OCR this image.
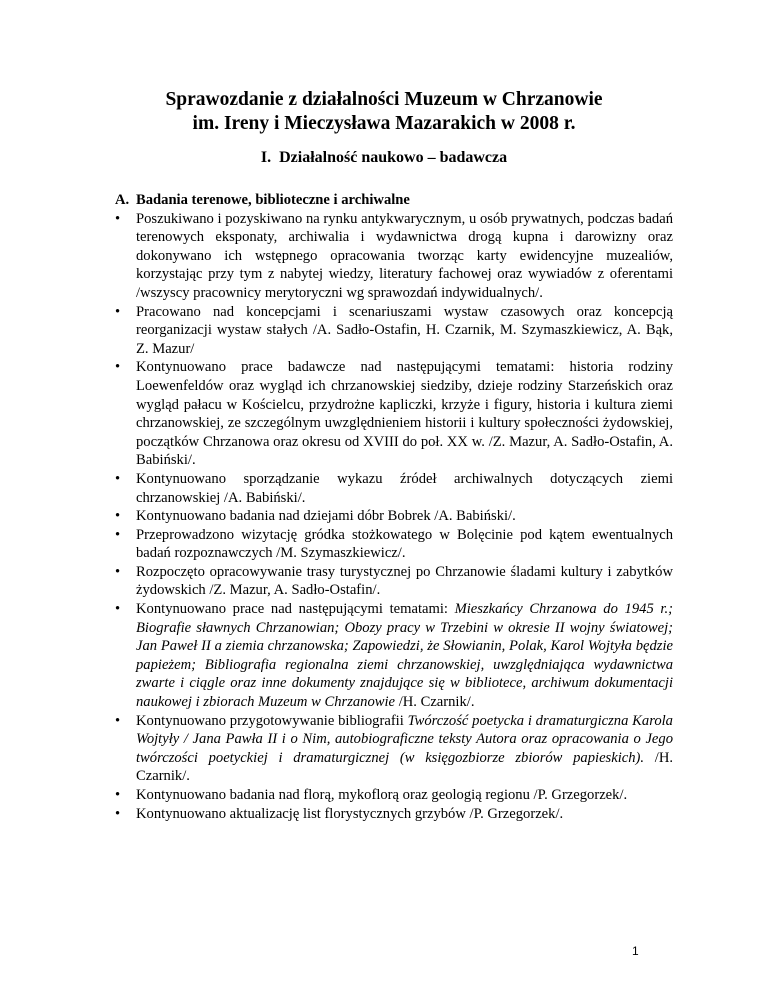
Sprawozdanie z działalności Muzeum w Chrzanowie
im. Ireny i Mieczysława Mazarakich w 2008 r.
I. Działalność naukowo – badawcza
A. Badania terenowe, biblioteczne i archiwalne
•	Poszukiwano i pozyskiwano na rynku antykwarycznym, u osób prywatnych, podczas badań terenowych eksponaty, archiwalia i wydawnictwa drogą kupna i darowizny oraz dokonywano ich wstępnego opracowania tworząc karty ewidencyjne muzealiów, korzystając przy tym z nabytej wiedzy, literatury fachowej oraz wywiadów z oferentami /wszyscy pracownicy merytoryczni wg sprawozdań indywidualnych/.
•	Pracowano nad koncepcjami i scenariuszami wystaw czasowych oraz koncepcją reorganizacji wystaw stałych /A. Sadło-Ostafin, H. Czarnik, M. Szymaszkiewicz, A. Bąk, Z. Mazur/
•	Kontynuowano prace badawcze nad następującymi tematami: historia rodziny Loewenfeldów oraz wygląd ich chrzanowskiej siedziby, dzieje rodziny Starzeńskich oraz wygląd pałacu w Kościelcu, przydrożne kapliczki, krzyże i figury, historia i kultura ziemi chrzanowskiej, ze szczególnym uwzględnieniem historii i kultury społeczności żydowskiej, początków Chrzanowa oraz okresu od XVIII do poł. XX w. /Z. Mazur, A. Sadło-Ostafin, A. Babiński/.
•	Kontynuowano sporządzanie wykazu źródeł archiwalnych dotyczących ziemi chrzanowskiej /A. Babiński/.
•	Kontynuowano badania nad dziejami dóbr Bobrek /A. Babiński/.
•	Przeprowadzono wizytację gródka stożkowatego w Bolęcinie pod kątem ewentualnych badań rozpoznawczych /M. Szymaszkiewicz/.
•	Rozpoczęto opracowywanie trasy turystycznej po Chrzanowie śladami kultury i zabytków żydowskich /Z. Mazur, A. Sadło-Ostafin/.
•	Kontynuowano prace nad następującymi tematami: Mieszkańcy Chrzanowa do 1945 r.; Biografie sławnych Chrzanowian; Obozy pracy w Trzebini w okresie II wojny światowej; Jan Paweł II a ziemia chrzanowska; Zapowiedzi, że Słowianin, Polak, Karol Wojtyła będzie papieżem; Bibliografia regionalna ziemi chrzanowskiej, uwzględniająca wydawnictwa zwarte i ciągle oraz inne dokumenty znajdujące się w bibliotece, archiwum dokumentacji naukowej i zbiorach Muzeum w Chrzanowie /H. Czarnik/.
•	Kontynuowano przygotowywanie bibliografii Twórczość poetycka i dramaturgiczna Karola Wojtyły / Jana Pawła II i o Nim, autobiograficzne teksty Autora oraz opracowania o Jego twórczości poetyckiej i dramaturgicznej (w księgozbiorze zbiorów papieskich). /H. Czarnik/.
•	Kontynuowano badania nad florą, mykoflorą oraz geologią regionu /P. Grzegorzek/.
•	Kontynuowano aktualizację list florystycznych grzybów /P. Grzegorzek/.
1
